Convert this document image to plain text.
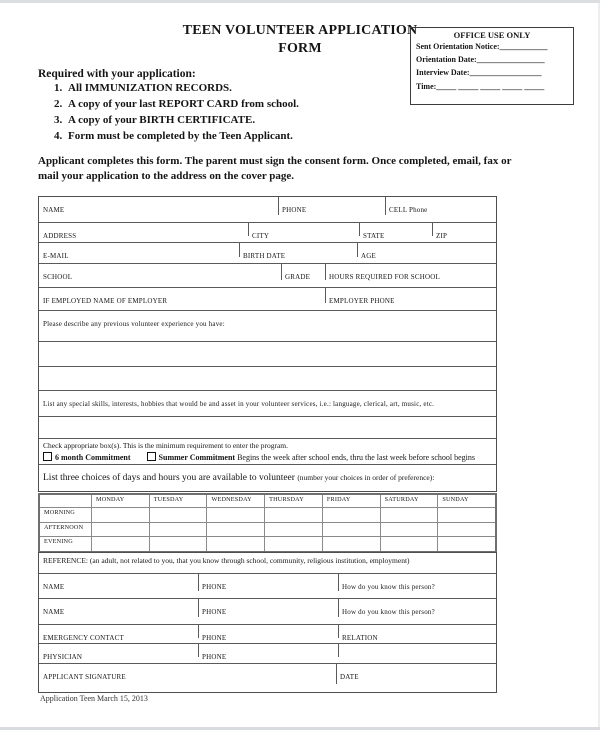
TEEN VOLUNTEER APPLICATION
FORM
OFFICE USE ONLY
Sent Orientation Notice:____________
Orientation Date:_________________
Interview Date:__________________
Time:_____ _____ _____ _____ _____
Required with your application:
1. All IMMUNIZATION RECORDS.
2. A copy of your last REPORT CARD from school.
3. A copy of your BIRTH CERTIFICATE.
4. Form must be completed by the Teen Applicant.
Applicant completes this form. The parent must sign the consent form. Once completed, email, fax or mail your application to the address on the cover page.
NAME	PHONE	CELL Phone
ADDRESS	CITY	STATE	ZIP
E-MAIL	BIRTH DATE	AGE
SCHOOL	GRADE	HOURS REQUIRED FOR SCHOOL
IF EMPLOYED NAME OF EMPLOYER	EMPLOYER PHONE
Please describe any previous volunteer experience you have:
List any special skills, interests, hobbies that would be and asset in your volunteer services, i.e.: language, clerical, art, music, etc.
Check appropriate box(s). This is the minimum requirement to enter the program.
6 month Commitment	Summer Commitment Begins the week after school ends, thru the last week before school begins
List three choices of days and hours you are available to volunteer (number your choices in order of preference):
MONDAY	TUESDAY	WEDNESDAY	THURSDAY	FRIDAY	SATURDAY	SUNDAY
MORNING
AFTERNOON
EVENING
REFERENCE: (an adult, not related to you, that you know through school, community, religious institution, employment)
NAME	PHONE	How do you know this person?
NAME	PHONE	How do you know this person?
EMERGENCY CONTACT	PHONE	RELATION
PHYSICIAN	PHONE
APPLICANT SIGNATURE	DATE
Application Teen March 15, 2013
